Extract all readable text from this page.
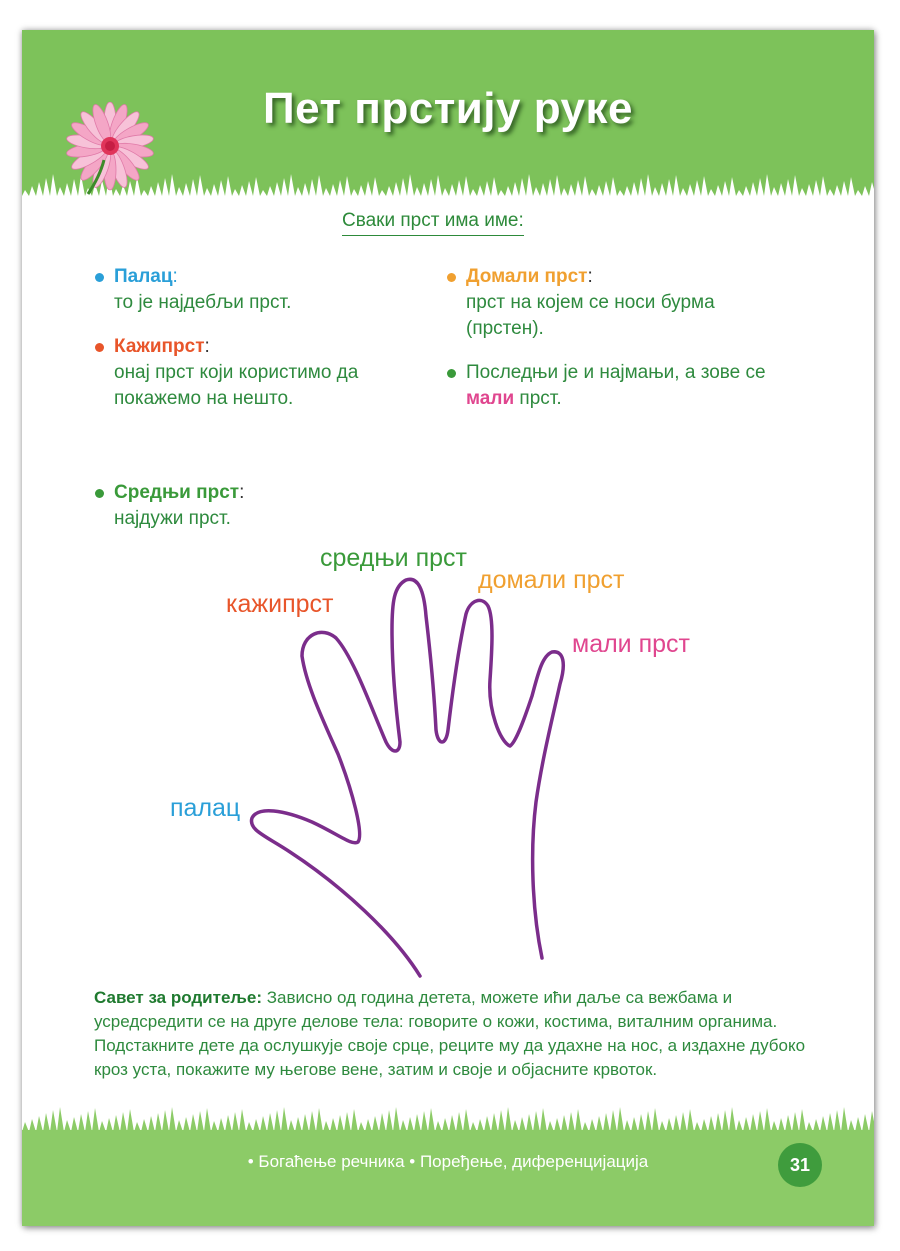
Пет прстију руке
Сваки прст има име:
Палац:
то је најдебљи прст.
Кажипрст:
онај прст који користимо да покажемо на нешто.
Средњи прст:
најдужи прст.
Домали прст:
прст на којем се носи бурма (прстен).
Последњи је и најмањи, а зове се мали прст.
палац
кажипрст
средњи прст
домали прст
мали прст
Савет за родитеље: Зависно од година детета, можете ићи даље са вежбама и усредсредити се на друге делове тела: говорите о кожи, костима, виталним органима. Подстакните дете да ослушкује своје срце, реците му да удахне на нос, а издахне дубоко кроз уста, покажите му његове вене, затим и своје и објасните крвоток.
• Богаћење речника • Поређење, диференцијација	31
